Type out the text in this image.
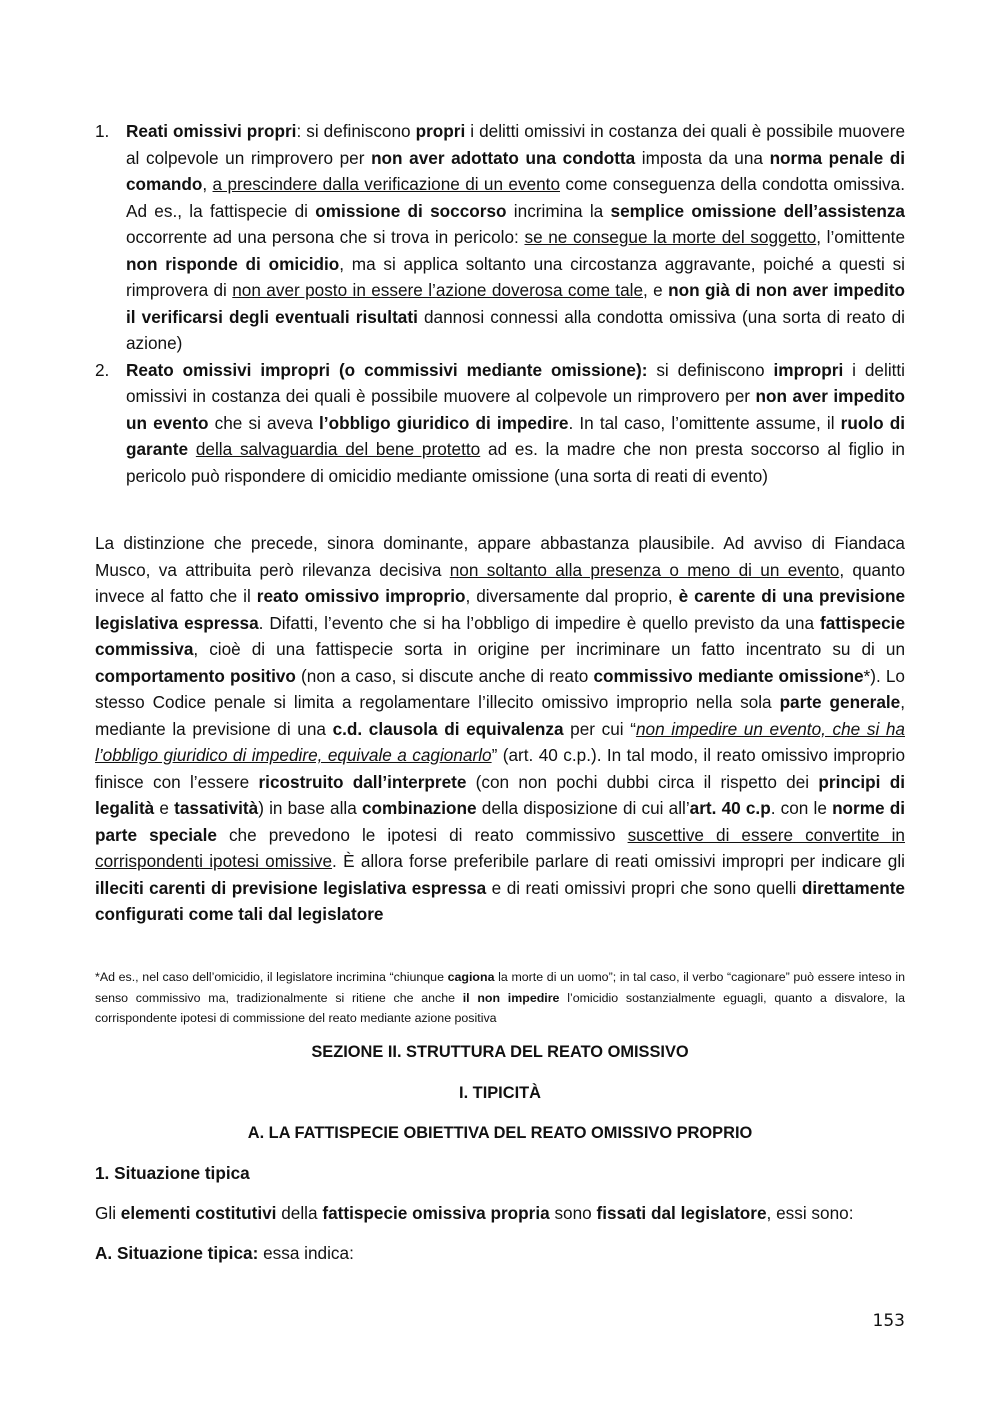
1. Reati omissivi propri: si definiscono propri i delitti omissivi in costanza dei quali è possibile muovere al colpevole un rimprovero per non aver adottato una condotta imposta da una norma penale di comando, a prescindere dalla verificazione di un evento come conseguenza della condotta omissiva. Ad es., la fattispecie di omissione di soccorso incrimina la semplice omissione dell’assistenza occorrente ad una persona che si trova in pericolo: se ne consegue la morte del soggetto, l’omittente non risponde di omicidio, ma si applica soltanto una circostanza aggravante, poiché a questi si rimprovera di non aver posto in essere l’azione doverosa come tale, e non già di non aver impedito il verificarsi degli eventuali risultati dannosi connessi alla condotta omissiva (una sorta di reato di azione)
2. Reato omissivi impropri (o commissivi mediante omissione): si definiscono impropri i delitti omissivi in costanza dei quali è possibile muovere al colpevole un rimprovero per non aver impedito un evento che si aveva l’obbligo giuridico di impedire. In tal caso, l’omittente assume, il ruolo di garante della salvaguardia del bene protetto ad es. la madre che non presta soccorso al figlio in pericolo può rispondere di omicidio mediante omissione (una sorta di reati di evento)

La distinzione che precede, sinora dominante, appare abbastanza plausibile. Ad avviso di Fiandaca Musco, va attribuita però rilevanza decisiva non soltanto alla presenza o meno di un evento, quanto invece al fatto che il reato omissivo improprio, diversamente dal proprio, è carente di una previsione legislativa espressa. Difatti, l’evento che si ha l’obbligo di impedire è quello previsto da una fattispecie commissiva, cioè di una fattispecie sorta in origine per incriminare un fatto incentrato su di un comportamento positivo (non a caso, si discute anche di reato commissivo mediante omissione*). Lo stesso Codice penale si limita a regolamentare l’illecito omissivo improprio nella sola parte generale, mediante la previsione di una c.d. clausola di equivalenza per cui “non impedire un evento, che si ha l’obbligo giuridico di impedire, equivale a cagionarlo” (art. 40 c.p.). In tal modo, il reato omissivo improprio finisce con l’essere ricostruito dall’interprete (con non pochi dubbi circa il rispetto dei principi di legalità e tassatività) in base alla combinazione della disposizione di cui all’art. 40 c.p. con le norme di parte speciale che prevedono le ipotesi di reato commissivo suscettive di essere convertite in corrispondenti ipotesi omissive. È allora forse preferibile parlare di reati omissivi impropri per indicare gli illeciti carenti di previsione legislativa espressa e di reati omissivi propri che sono quelli direttamente configurati come tali dal legislatore

*Ad es., nel caso dell’omicidio, il legislatore incrimina “chiunque cagiona la morte di un uomo”; in tal caso, il verbo “cagionare” può essere inteso in senso commissivo ma, tradizionalmente si ritiene che anche il non impedire l’omicidio sostanzialmente eguagli, quanto a disvalore, la corrispondente ipotesi di commissione del reato mediante azione positiva

SEZIONE II. STRUTTURA DEL REATO OMISSIVO

I. TIPICITÀ

A. LA FATTISPECIE OBIETTIVA DEL REATO OMISSIVO PROPRIO

1. Situazione tipica

Gli elementi costitutivi della fattispecie omissiva propria sono fissati dal legislatore, essi sono:

A. Situazione tipica: essa indica:

153
